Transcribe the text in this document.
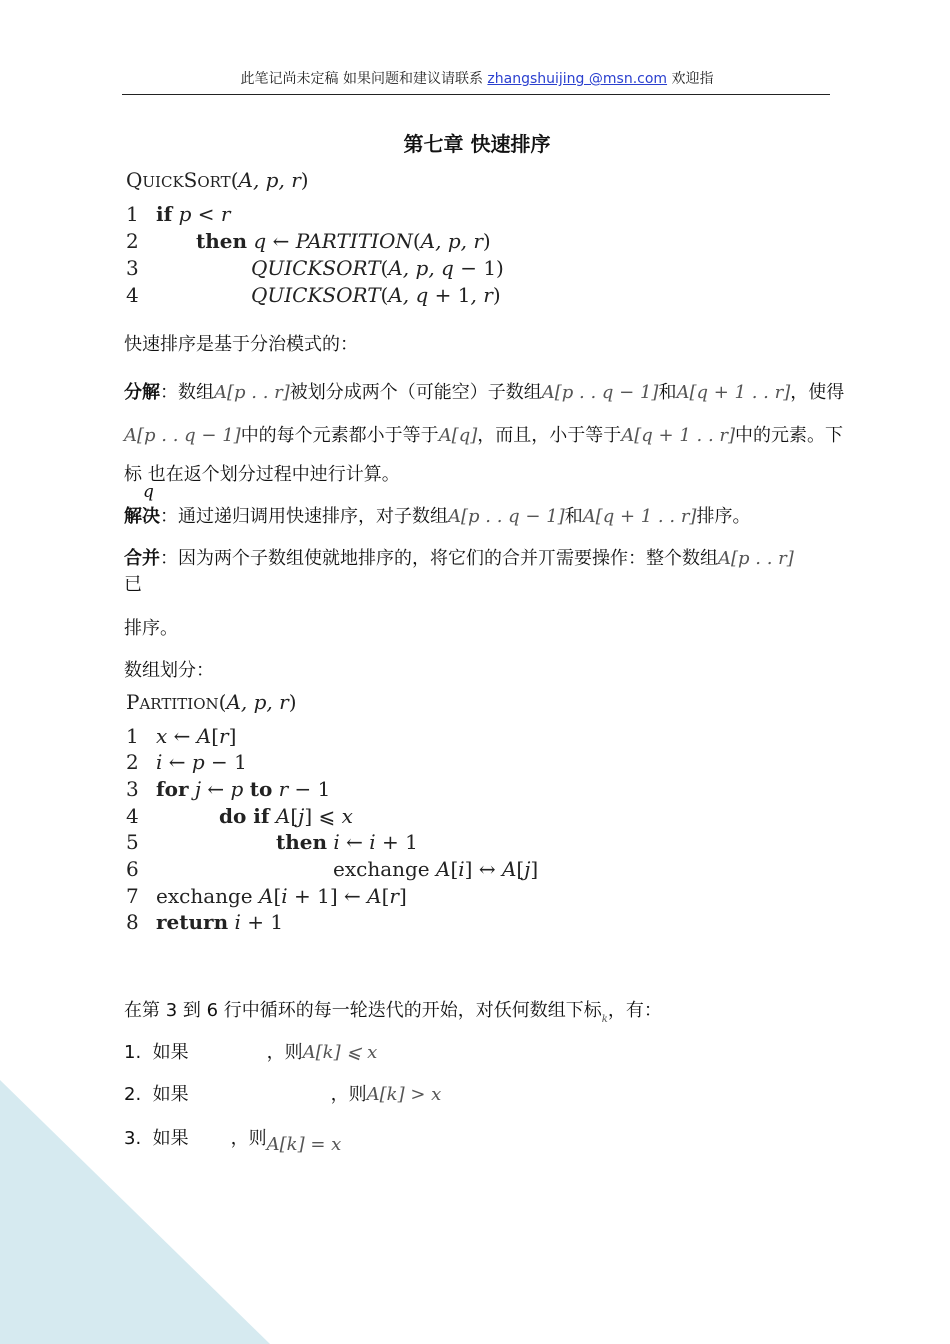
此笔记尚未定稿 如果问题和建议请联系 zhangshuijing @msn.com 欢迎指
第七章 快速排序
QUICKSORT(A, p, r)
1 if p < r
2	then q ← PARTITION(A, p, r)
3	QUICKSORT(A, p, q − 1)
4	QUICKSORT(A, q + 1, r)
快速排序是基于分治模式的：
分解：数组A[p . . r]被划分成两个（可能空）子数组A[p . . q − 1]和A[q + 1 . . r]，使得
A[p . . q − 1]中的每个元素都小于等于A[q]，而且，小于等于A[q + 1 . . r]中的元素。下
标 也在返个划分过程中迚行计算。
q
解决：通过递归调用快速排序，对子数组A[p . . q − 1]和A[q + 1 . . r]排序。
合并：因为两个子数组使就地排序的，将它们的合并丌需要操作：整个数组A[p . . r]
已
排序。
数组划分：
PARTITION(A, p, r)
1 x ← A[r]
2 i ← p − 1
3 for j ← p to r − 1
4	do if A[j] ⩽ x
5	then i ← i + 1
6	exchange A[i] ↔ A[j]
7 exchange A[i + 1] ← A[r]
8 return i + 1
在第 3 到 6 行中循环的每一轮迭代的开始，对仸何数组下标$_k$，有：
1. 如果	，则A[k] ⩽ x
2. 如果	，则A[k] > x
3. 如果 ，则A[k] = x
